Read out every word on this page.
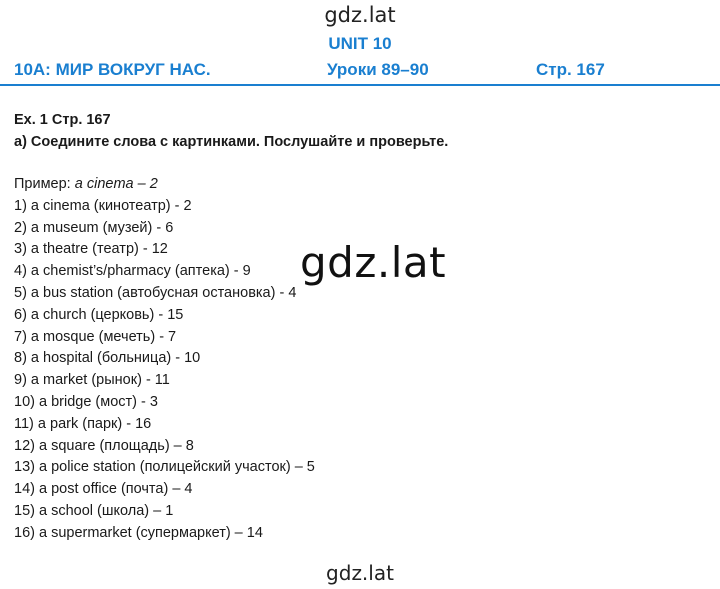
gdz.lat
UNIT 10
10A: МИР ВОКРУГ НАС.	Уроки 89–90	Стр. 167
Ex. 1 Стр. 167
a) Соедините слова с картинками. Послушайте и проверьте.
Пример: a cinema – 2
1) a cinema (кинотеатр) - 2
2) a museum (музей) - 6
3) a theatre (театр) - 12
4) a chemist’s/pharmacy (аптека) - 9
5) a bus station (автобусная остановка) - 4
6) a church (церковь) - 15
7) a mosque (мечеть) - 7
8) a hospital (больница) - 10
9) a market (рынок) - 11
10) a bridge (мост) - 3
11) a park (парк) - 16
12) a square (площадь) – 8
13) a police station (полицейский участок) – 5
14) a post office (почта) – 4
15) a school (школа) – 1
16) a supermarket (супермаркет) – 14
gdz.lat
gdz.lat
